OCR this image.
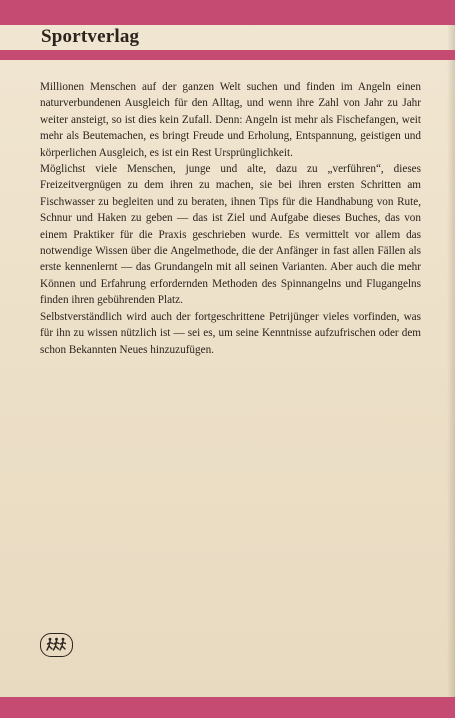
Sportverlag

Millionen Menschen auf der ganzen Welt suchen und finden im Angeln einen naturverbundenen Ausgleich für den Alltag, und wenn ihre Zahl von Jahr zu Jahr weiter ansteigt, so ist dies kein Zufall. Denn: Angeln ist mehr als Fischefangen, weit mehr als Beutemachen, es bringt Freude und Erholung, Entspannung, geistigen und körperlichen Ausgleich, es ist ein Rest Ursprünglichkeit.

Möglichst viele Menschen, junge und alte, dazu zu „verführen“, dieses Freizeitvergnügen zu dem ihren zu machen, sie bei ihren ersten Schritten am Fischwasser zu begleiten und zu beraten, ihnen Tips für die Handhabung von Rute, Schnur und Haken zu geben — das ist Ziel und Aufgabe dieses Buches, das von einem Praktiker für die Praxis geschrieben wurde. Es vermittelt vor allem das notwendige Wissen über die Angelmethode, die der Anfänger in fast allen Fällen als erste kennenlernt — das Grundangeln mit all seinen Varianten. Aber auch die mehr Können und Erfahrung erfordernden Methoden des Spinnangelns und Flugangelns finden ihren gebührenden Platz.

Selbstverständlich wird auch der fortgeschrittene Petrijünger vieles vorfinden, was für ihn zu wissen nützlich ist — sei es, um seine Kenntnisse aufzufrischen oder dem schon Bekannten Neues hinzuzufügen.
